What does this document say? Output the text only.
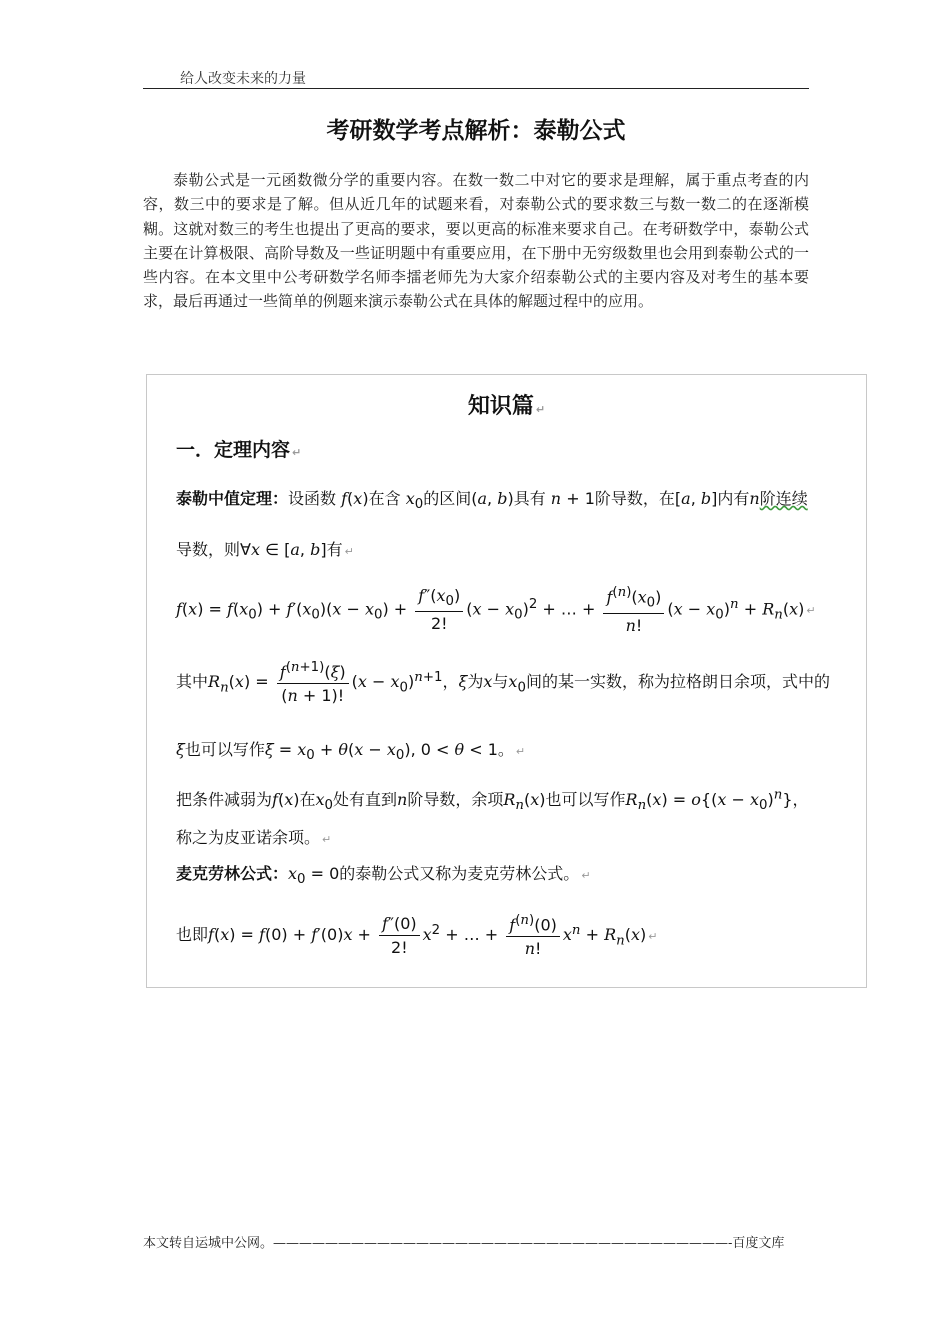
给人改变未来的力量
考研数学考点解析：泰勒公式
泰勒公式是一元函数微分学的重要内容。在数一数二中对它的要求是理解，属于重点考查的内容，数三中的要求是了解。但从近几年的试题来看，对泰勒公式的要求数三与数一数二的在逐渐模糊。这就对数三的考生也提出了更高的要求，要以更高的标准来要求自己。在考研数学中，泰勒公式主要在计算极限、高阶导数及一些证明题中有重要应用，在下册中无穷级数里也会用到泰勒公式的一些内容。在本文里中公考研数学名师李擂老师先为大家介绍泰勒公式的主要内容及对考生的基本要求，最后再通过一些简单的例题来演示泰勒公式在具体的解题过程中的应用。
知识篇 ↵
一．定理内容 ↵
泰勒中值定理：设函数 f(x)在含 $x_0$的区间(a, b)具有 n + 1阶导数，在[a, b]内有n阶连续
导数，则∀x ∈ [a, b]有 ↵
$f(x) = f(x_0) + f'(x_0)(x - x_0) + \frac{f''(x_0)}{2!} (x - x_0)^2$ + … + $\frac{f^{(n)}(x_0)}{n!} (x - x_0)^n + R_n(x)$ ↵
其中$R_n(x) = \frac{f^{(n+1)}(\xi)}{(n + 1)!} (x - x_0)^{n+1}$，ξ为x与$x_0$间的某一实数，称为拉格朗日余项，式中的
ξ也可以写作$\xi = x_0 + \theta(x - x_0)$, 0 < θ < 1。 ↵
把条件减弱为f(x)在$x_0$处有直到n阶导数，余项$R_n(x)$也可以写作$R_n(x) = o\{(x - x_0)^n\}$，
称之为皮亚诺余项。 ↵
麦克劳林公式：$x_0 = 0$的泰勒公式又称为麦克劳林公式。 ↵
也即$f(x) = f(0) + f'(0)x + \frac{f''(0)}{2!} x^2$ + … + $\frac{f^{(n)}(0)}{n!} x^n + R_n(x)$ ↵
本文转自运城中公网。———————————————————————————————————-百度文库
